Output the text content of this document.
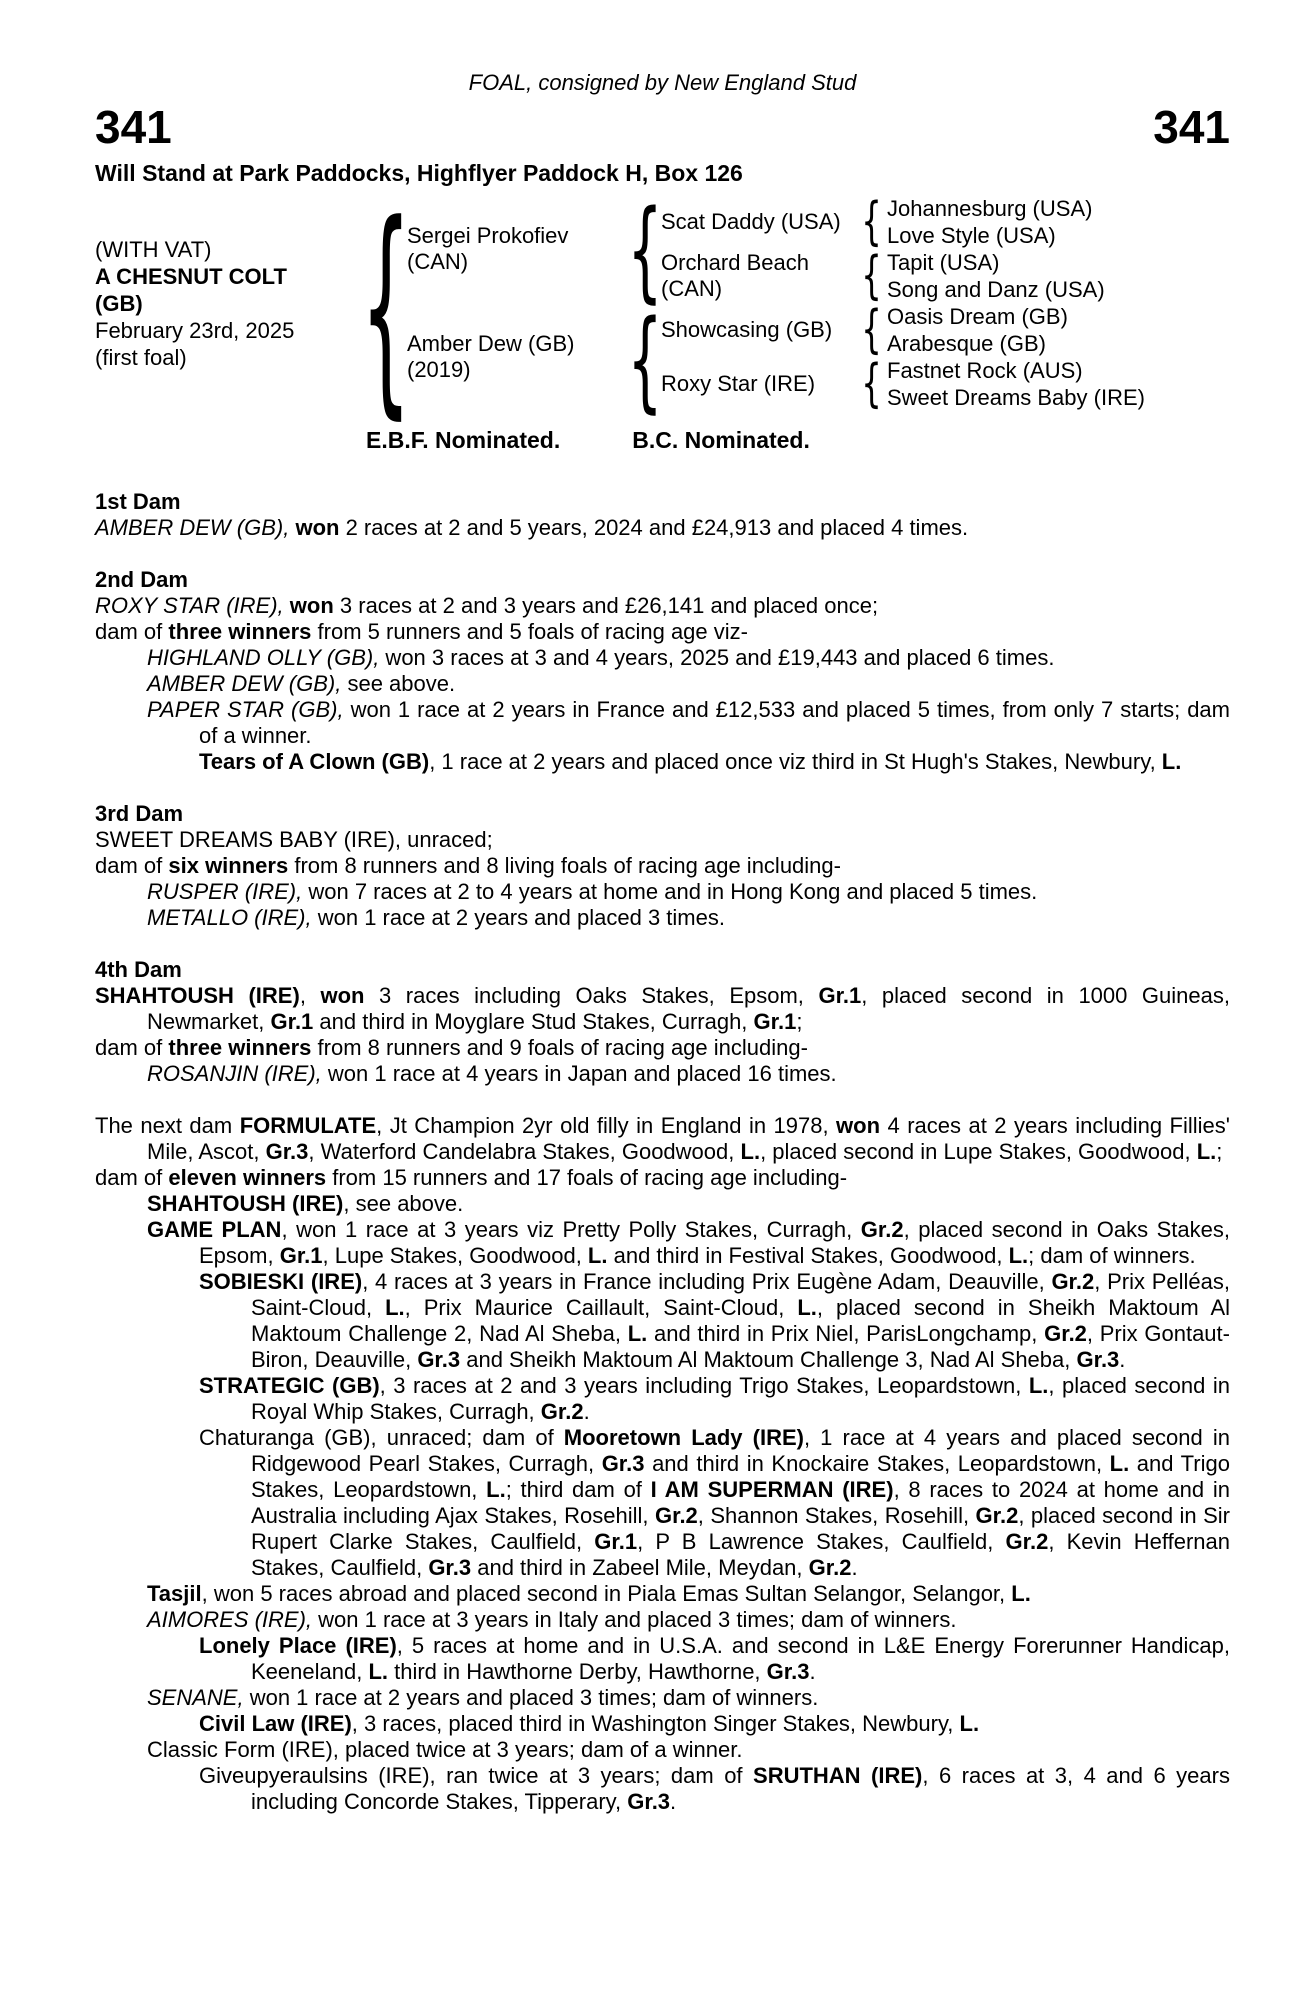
FOAL, consigned by New England Stud
341	341
Will Stand at Park Paddocks, Highflyer Paddock H, Box 126
(WITH VAT)
A CHESNUT COLT
(GB)
February 23rd, 2025
(first foal) {
Sergei Prokofiev
(CAN)
Amber Dew (GB)
(2019)
{
{
Scat Daddy (USA)
Orchard Beach
(CAN)
Showcasing (GB)
Roxy Star (IRE)
{
{
{
{
Johannesburg (USA)
Love Style (USA)
Tapit (USA)
Song and Danz (USA)
Oasis Dream (GB)
Arabesque (GB)
Fastnet Rock (AUS)
Sweet Dreams Baby (IRE)
E.B.F. Nominated.	B.C. Nominated.
1st Dam

AMBER DEW (GB), won 2 races at 2 and 5 years, 2024 and £24,913 and placed 4 times.

2nd Dam

ROXY STAR (IRE), won 3 races at 2 and 3 years and £26,141 and placed once;

dam of three winners from 5 runners and 5 foals of racing age viz-

HIGHLAND OLLY (GB), won 3 races at 3 and 4 years, 2025 and £19,443 and placed 6 times.

AMBER DEW (GB), see above.

PAPER STAR (GB), won 1 race at 2 years in France and £12,533 and placed 5 times, from only 7 starts; dam of a winner.

Tears of A Clown (GB), 1 race at 2 years and placed once viz third in St Hugh's Stakes, Newbury, L.

3rd Dam

SWEET DREAMS BABY (IRE), unraced;

dam of six winners from 8 runners and 8 living foals of racing age including-

RUSPER (IRE), won 7 races at 2 to 4 years at home and in Hong Kong and placed 5 times.

METALLO (IRE), won 1 race at 2 years and placed 3 times.

4th Dam

SHAHTOUSH (IRE), won 3 races including Oaks Stakes, Epsom, Gr.1, placed second in 1000 Guineas, Newmarket, Gr.1 and third in Moyglare Stud Stakes, Curragh, Gr.1;

dam of three winners from 8 runners and 9 foals of racing age including-

ROSANJIN (IRE), won 1 race at 4 years in Japan and placed 16 times.

The next dam FORMULATE, Jt Champion 2yr old filly in England in 1978, won 4 races at 2 years including Fillies' Mile, Ascot, Gr.3, Waterford Candelabra Stakes, Goodwood, L., placed second in Lupe Stakes, Goodwood, L.;

dam of eleven winners from 15 runners and 17 foals of racing age including-

SHAHTOUSH (IRE), see above.

GAME PLAN, won 1 race at 3 years viz Pretty Polly Stakes, Curragh, Gr.2, placed second in Oaks Stakes, Epsom, Gr.1, Lupe Stakes, Goodwood, L. and third in Festival Stakes, Goodwood, L.; dam of winners.

SOBIESKI (IRE), 4 races at 3 years in France including Prix Eugène Adam, Deauville, Gr.2, Prix Pelléas, Saint-Cloud, L., Prix Maurice Caillault, Saint-Cloud, L., placed second in Sheikh Maktoum Al Maktoum Challenge 2, Nad Al Sheba, L. and third in Prix Niel, ParisLongchamp, Gr.2, Prix Gontaut-Biron, Deauville, Gr.3 and Sheikh Maktoum Al Maktoum Challenge 3, Nad Al Sheba, Gr.3.

STRATEGIC (GB), 3 races at 2 and 3 years including Trigo Stakes, Leopardstown, L., placed second in Royal Whip Stakes, Curragh, Gr.2.

Chaturanga (GB), unraced; dam of Mooretown Lady (IRE), 1 race at 4 years and placed second in Ridgewood Pearl Stakes, Curragh, Gr.3 and third in Knockaire Stakes, Leopardstown, L. and Trigo Stakes, Leopardstown, L.; third dam of I AM SUPERMAN (IRE), 8 races to 2024 at home and in Australia including Ajax Stakes, Rosehill, Gr.2, Shannon Stakes, Rosehill, Gr.2, placed second in Sir Rupert Clarke Stakes, Caulfield, Gr.1, P B Lawrence Stakes, Caulfield, Gr.2, Kevin Heffernan Stakes, Caulfield, Gr.3 and third in Zabeel Mile, Meydan, Gr.2.

Tasjil, won 5 races abroad and placed second in Piala Emas Sultan Selangor, Selangor, L.

AIMORES (IRE), won 1 race at 3 years in Italy and placed 3 times; dam of winners.

Lonely Place (IRE), 5 races at home and in U.S.A. and second in L&E Energy Forerunner Handicap, Keeneland, L. third in Hawthorne Derby, Hawthorne, Gr.3.

SENANE, won 1 race at 2 years and placed 3 times; dam of winners.

Civil Law (IRE), 3 races, placed third in Washington Singer Stakes, Newbury, L.

Classic Form (IRE), placed twice at 3 years; dam of a winner.

Giveupyeraulsins (IRE), ran twice at 3 years; dam of SRUTHAN (IRE), 6 races at 3, 4 and 6 years including Concorde Stakes, Tipperary, Gr.3.
